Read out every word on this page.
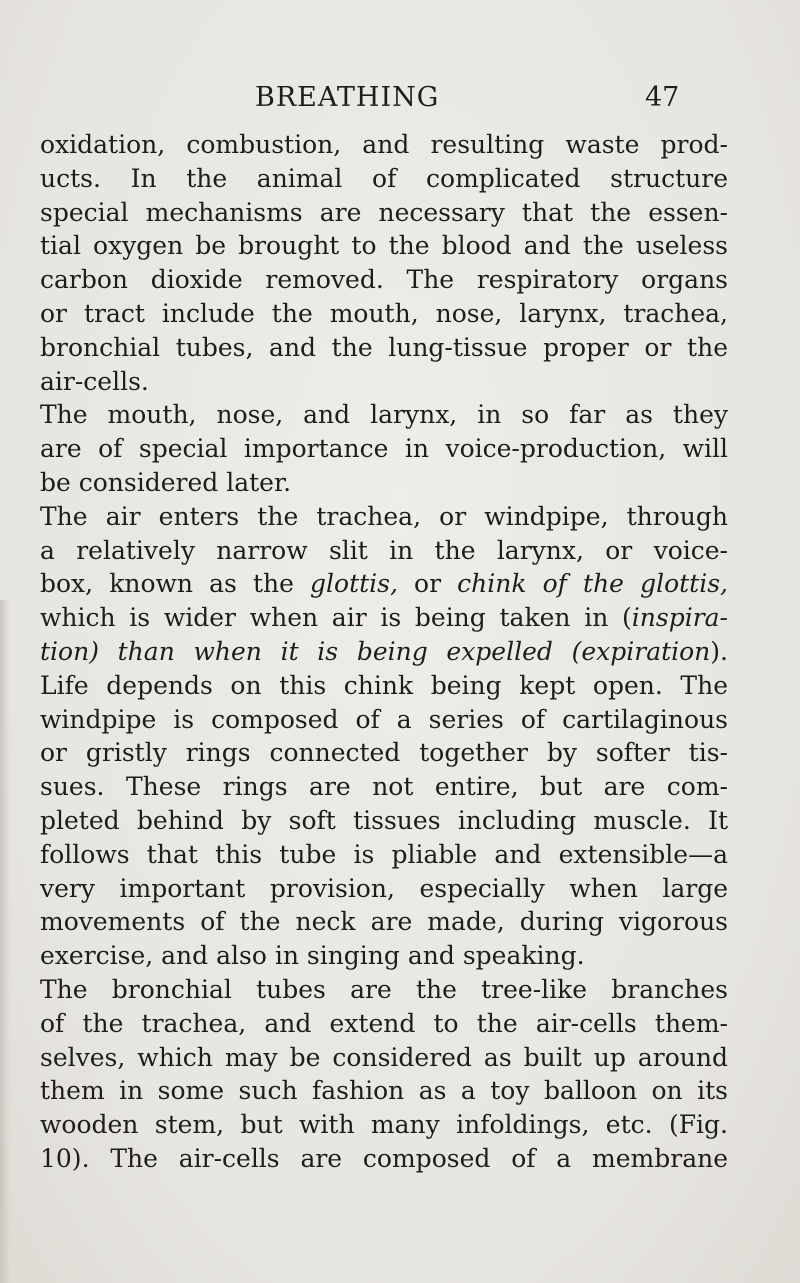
BREATHING	47
oxidation, combustion, and resulting waste prod-
ucts. In the animal of complicated structure
special mechanisms are necessary that the essen-
tial oxygen be brought to the blood and the useless
carbon dioxide removed. The respiratory organs
or tract include the mouth, nose, larynx, trachea,
bronchial tubes, and the lung-tissue proper or the
air-cells.
The mouth, nose, and larynx, in so far as they
are of special importance in voice-production, will
be considered later.
The air enters the trachea, or windpipe, through
a relatively narrow slit in the larynx, or voice-
box, known as the glottis, or chink of the glottis,
which is wider when air is being taken in (inspira-
tion) than when it is being expelled (expiration).
Life depends on this chink being kept open. The
windpipe is composed of a series of cartilaginous
or gristly rings connected together by softer tis-
sues. These rings are not entire, but are com-
pleted behind by soft tissues including muscle. It
follows that this tube is pliable and extensible—a
very important provision, especially when large
movements of the neck are made, during vigorous
exercise, and also in singing and speaking.
The bronchial tubes are the tree-like branches
of the trachea, and extend to the air-cells them-
selves, which may be considered as built up around
them in some such fashion as a toy balloon on its
wooden stem, but with many infoldings, etc. (Fig.
10). The air-cells are composed of a membrane
